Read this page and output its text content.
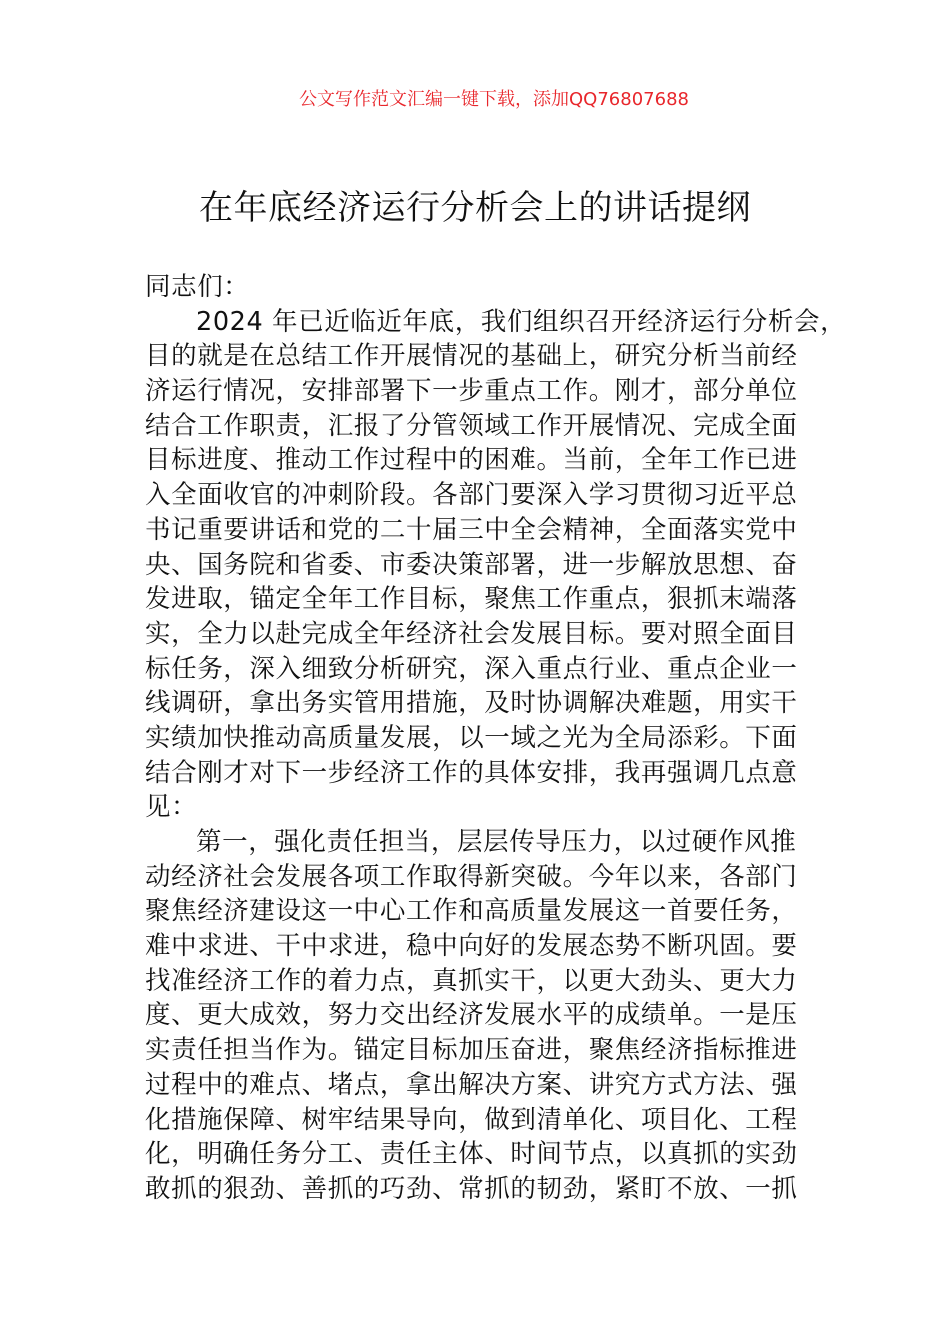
公文写作范文汇编一键下载，添加QQ76807688
在年底经济运行分析会上的讲话提纲
同志们：
2024 年已近临近年底，我们组织召开经济运行分析会，
目的就是在总结工作开展情况的基础上，研究分析当前经
济运行情况，安排部署下一步重点工作。刚才，部分单位
结合工作职责，汇报了分管领域工作开展情况、完成全面
目标进度、推动工作过程中的困难。当前，全年工作已进
入全面收官的冲刺阶段。各部门要深入学习贯彻习近平总
书记重要讲话和党的二十届三中全会精神，全面落实党中
央、国务院和省委、市委决策部署，进一步解放思想、奋
发进取，锚定全年工作目标，聚焦工作重点，狠抓末端落
实，全力以赴完成全年经济社会发展目标。要对照全面目
标任务，深入细致分析研究，深入重点行业、重点企业一
线调研，拿出务实管用措施，及时协调解决难题，用实干
实绩加快推动高质量发展，以一域之光为全局添彩。下面
结合刚才对下一步经济工作的具体安排，我再强调几点意
见：
第一，强化责任担当，层层传导压力，以过硬作风推
动经济社会发展各项工作取得新突破。今年以来，各部门
聚焦经济建设这一中心工作和高质量发展这一首要任务，
难中求进、干中求进，稳中向好的发展态势不断巩固。要
找准经济工作的着力点，真抓实干，以更大劲头、更大力
度、更大成效，努力交出经济发展水平的成绩单。一是压
实责任担当作为。锚定目标加压奋进，聚焦经济指标推进
过程中的难点、堵点，拿出解决方案、讲究方式方法、强
化措施保障、树牢结果导向，做到清单化、项目化、工程
化，明确任务分工、责任主体、时间节点，以真抓的实劲
敢抓的狠劲、善抓的巧劲、常抓的韧劲，紧盯不放、一抓
